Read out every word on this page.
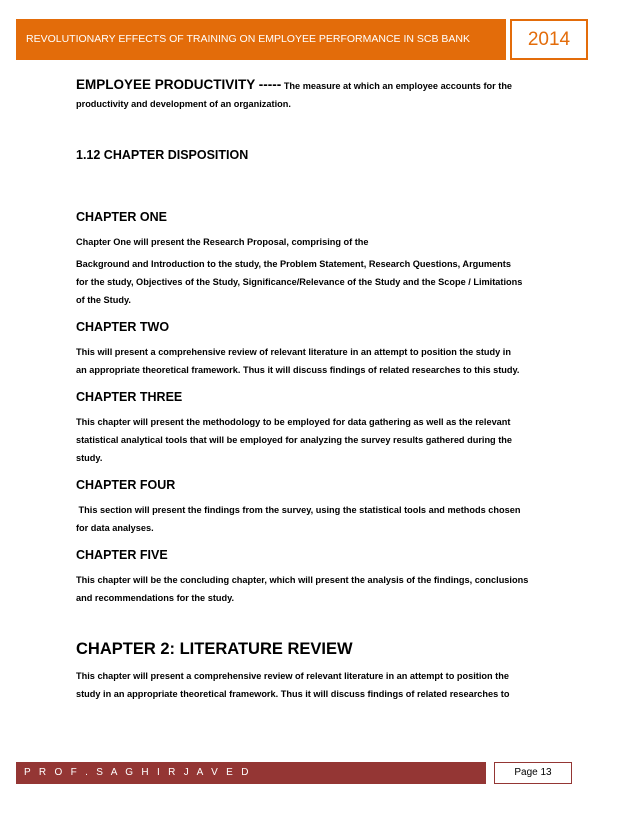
REVOLUTIONARY EFFECTS OF TRAINING ON EMPLOYEE PERFORMANCE IN SCB BANK	2014

EMPLOYEE PRODUCTIVITY ----- The measure at which an employee accounts for the

productivity and development of an organization.

1.12 CHAPTER DISPOSITION
CHAPTER ONE

Chapter One will present the Research Proposal, comprising of the

Background and Introduction to the study, the Problem Statement, Research Questions, Arguments

for the study, Objectives of the Study, Significance/Relevance of the Study and the Scope / Limitations

of the Study.

CHAPTER TWO

This will present a comprehensive review of relevant literature in an attempt to position the study in

an appropriate theoretical framework. Thus it will discuss findings of related researches to this study.

CHAPTER THREE

This chapter will present the methodology to be employed for data gathering as well as the relevant

statistical analytical tools that will be employed for analyzing the survey results gathered during the

study.

CHAPTER FOUR

This section will present the findings from the survey, using the statistical tools and methods chosen

for data analyses.

CHAPTER FIVE

This chapter will be the concluding chapter, which will present the analysis of the findings, conclusions

and recommendations for the study.

CHAPTER 2: LITERATURE REVIEW

This chapter will present a comprehensive review of relevant literature in an attempt to position the

study in an appropriate theoretical framework. Thus it will discuss findings of related researches to

P R O F . S A G H I R J A V E D	Page 13
